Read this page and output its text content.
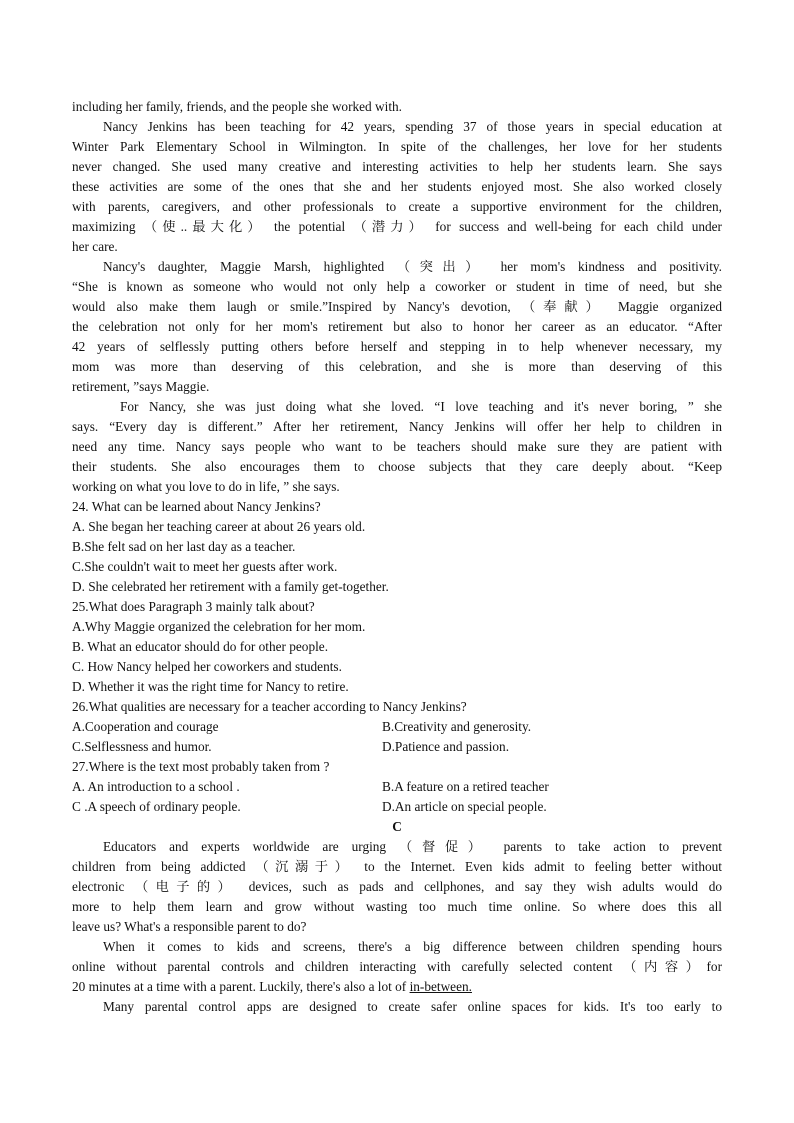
including her family, friends, and the people she worked with.
Nancy Jenkins has been teaching for 42 years, spending 37 of those years in special education at
Winter Park Elementary School in Wilmington. In spite of the challenges, her love for her students
never changed. She used many creative and interesting activities to help her students learn. She says
these activities are some of the ones that she and her students enjoyed most. She also worked closely
with parents, caregivers, and other professionals to create a supportive environment for the children,
maximizing （使..最大化） the potential （潜力） for success and well-being for each child under
her care.
Nancy's daughter, Maggie Marsh, highlighted （突出） her mom's kindness and positivity.
“She is known as someone who would not only help a coworker or student in time of need, but she
would also make them laugh or smile.”Inspired by Nancy's devotion, （奉献） Maggie organized
the celebration not only for her mom's retirement but also to honor her career as an educator. “After
42 years of selflessly putting others before herself and stepping in to help whenever necessary, my
mom was more than deserving of this celebration, and she is more than deserving of this
retirement, ”says Maggie.
For Nancy, she was just doing what she loved. “I love teaching and it's never boring, ” she
says. “Every day is different.” After her retirement, Nancy Jenkins will offer her help to children in
need any time. Nancy says people who want to be teachers should make sure they are patient with
their students. She also encourages them to choose subjects that they care deeply about. “Keep
working on what you love to do in life, ” she says.
24. What can be learned about Nancy Jenkins?
A. She began her teaching career at about 26 years old.
B.She felt sad on her last day as a teacher.
C.She couldn't wait to meet her guests after work.
D. She celebrated her retirement with a family get-together.
25.What does Paragraph 3 mainly talk about?
A.Why Maggie organized the celebration for her mom.
B. What an educator should do for other people.
C. How Nancy helped her coworkers and students.
D. Whether it was the right time for Nancy to retire.
26.What qualities are necessary for a teacher according to Nancy Jenkins?
A.Cooperation and courage	B.Creativity and generosity.
C.Selflessness and humor.	D.Patience and passion.
27.Where is the text most probably taken from ?
A. An introduction to a school .	B.A feature on a retired teacher
C .A speech of ordinary people.	D.An article on special people.
C
Educators and experts worldwide are urging （督促） parents to take action to prevent
children from being addicted （沉溺于） to the Internet. Even kids admit to feeling better without
electronic （电子的） devices, such as pads and cellphones, and say they wish adults would do
more to help them learn and grow without wasting too much time online. So where does this all
leave us? What's a responsible parent to do?
When it comes to kids and screens, there's a big difference between children spending hours
online without parental controls and children interacting with carefully selected content （内容）for
20 minutes at a time with a parent. Luckily, there's also a lot of in-between.
Many parental control apps are designed to create safer online spaces for kids. It's too early to
